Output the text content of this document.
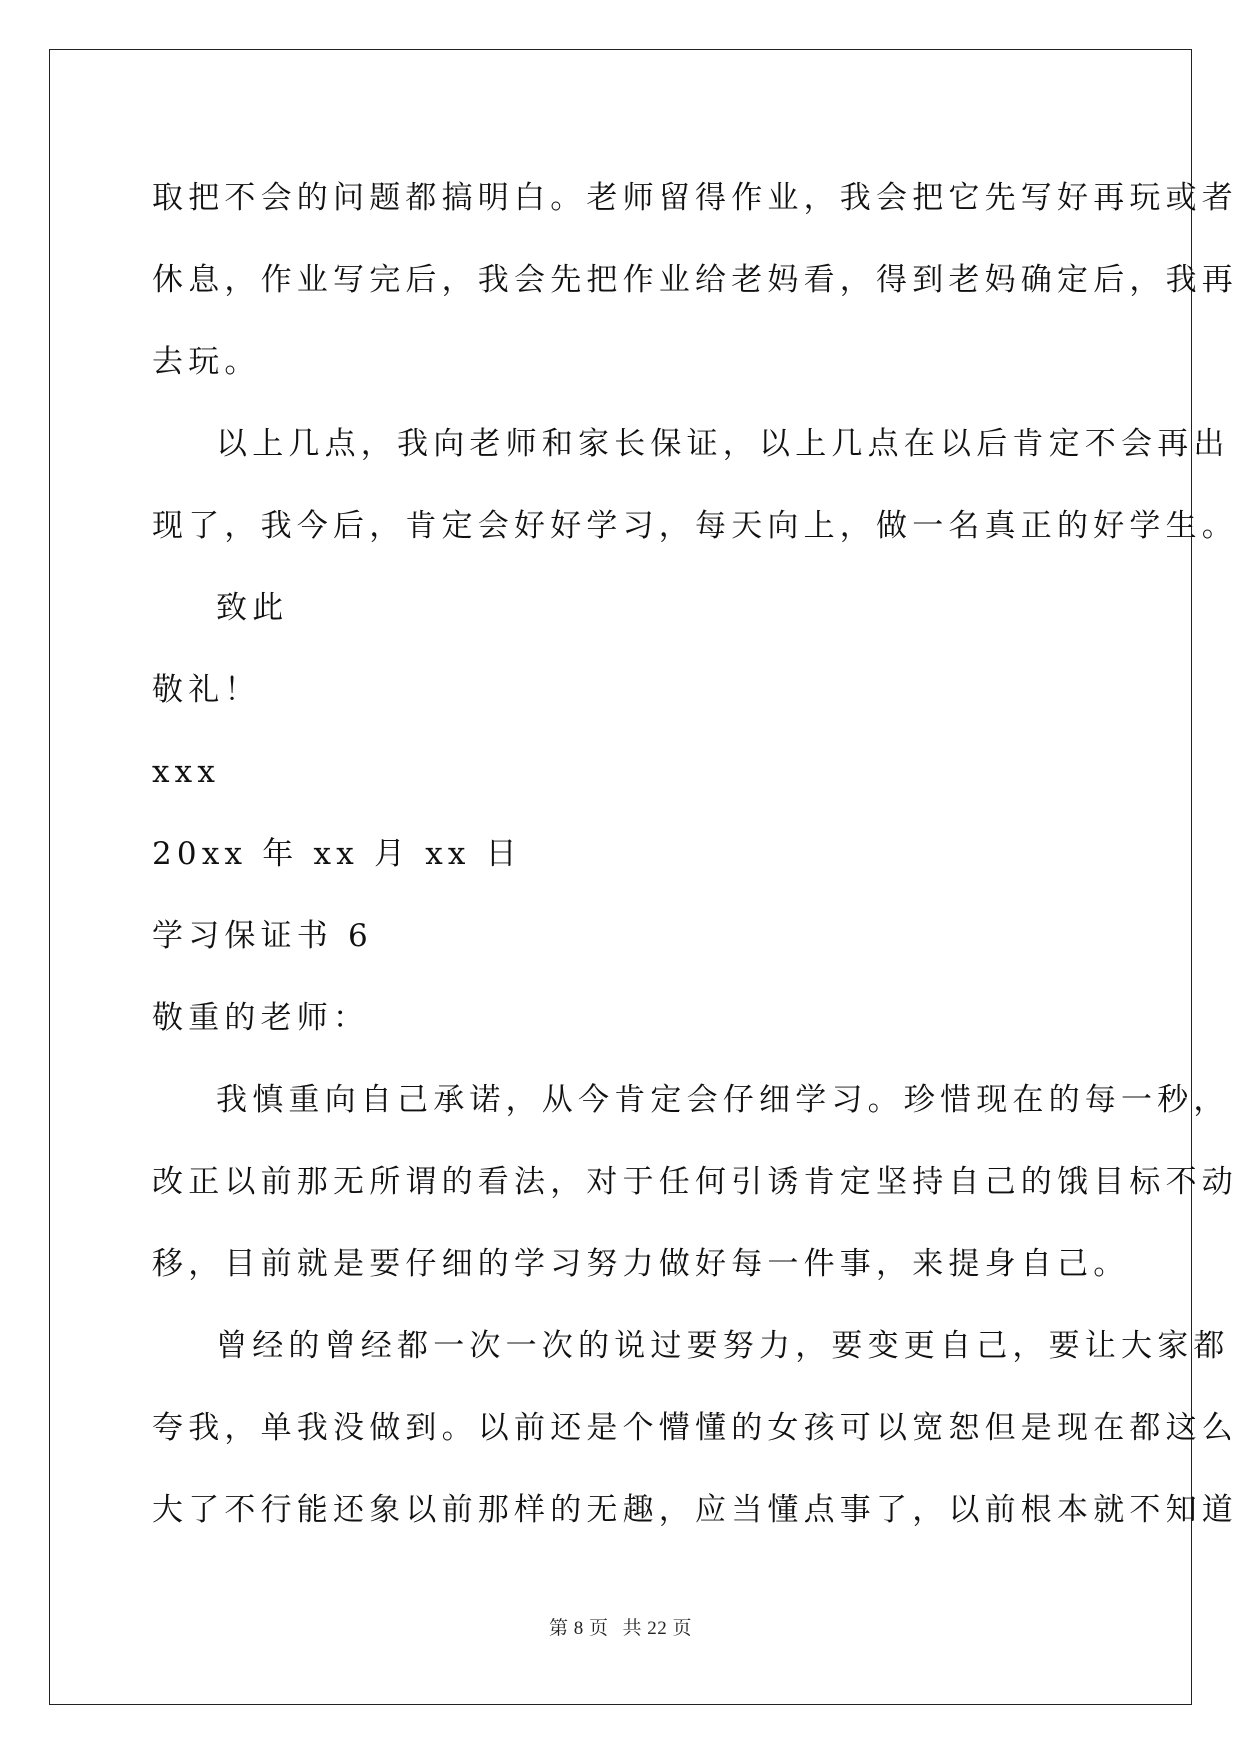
取把不会的问题都搞明白。老师留得作业，我会把它先写好再玩或者

休息，作业写完后，我会先把作业给老妈看，得到老妈确定后，我再

去玩。

以上几点，我向老师和家长保证，以上几点在以后肯定不会再出

现了，我今后，肯定会好好学习，每天向上，做一名真正的好学生。

致此

敬礼！

xxx

20xx 年 xx 月 xx 日

学习保证书 6

敬重的老师：

我慎重向自己承诺，从今肯定会仔细学习。珍惜现在的每一秒，

改正以前那无所谓的看法，对于任何引诱肯定坚持自己的饿目标不动

移，目前就是要仔细的学习努力做好每一件事，来提身自己。

曾经的曾经都一次一次的说过要努力，要变更自己，要让大家都

夸我，单我没做到。以前还是个懵懂的女孩可以宽恕但是现在都这么

大了不行能还象以前那样的无趣，应当懂点事了，以前根本就不知道

第 8 页 共 22 页
